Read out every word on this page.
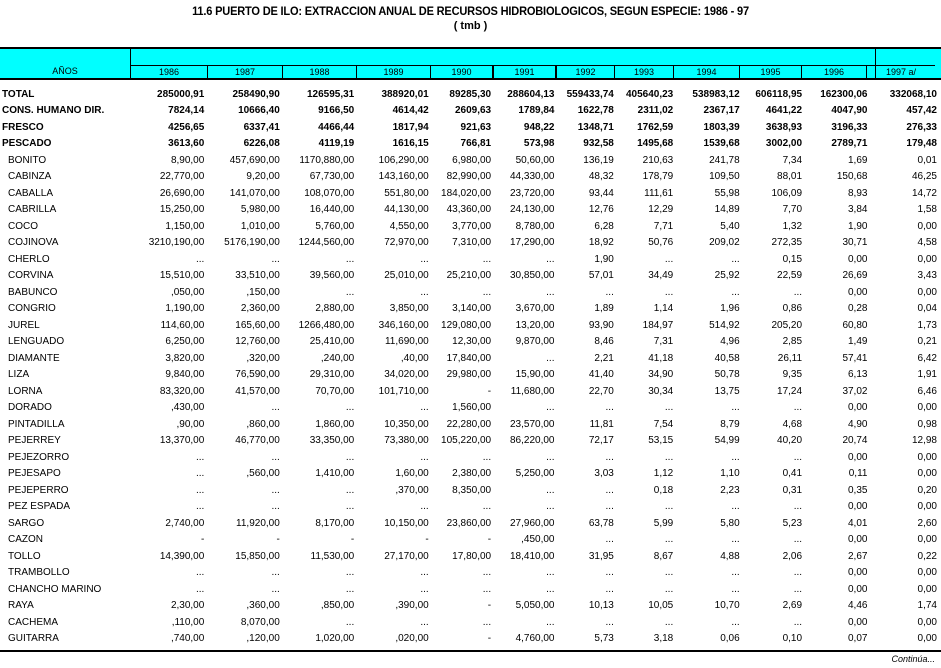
11.6 PUERTO DE ILO: EXTRACCION ANUAL DE RECURSOS HIDROBIOLOGICOS, SEGUN ESPECIE: 1986 - 97
( tmb )
AÑOS	1986	1987	1988	1989	1990	1991	1992	1993	1994	1995	1996	1997 a/
TOTAL	285000,91	258490,90	126595,31	388920,01	89285,30	288604,13	559433,74	405640,23	538983,12	606118,95	162300,06	332068,10
CONS. HUMANO DIR.	7824,14	10666,40	9166,50	4614,42	2609,63	1789,84	1622,78	2311,02	2367,17	4641,22	4047,90	457,42
FRESCO	4256,65	6337,41	4466,44	1817,94	921,63	948,22	1348,71	1762,59	1803,39	3638,93	3196,33	276,33
PESCADO	3613,60	6226,08	4119,19	1616,15	766,81	573,98	932,58	1495,68	1539,68	3002,00	2789,71	179,48
BONITO	8,90,00	457,690,00	1170,880,00	106,290,00	6,980,00	50,60,00	136,19	210,63	241,78	7,34	1,69	0,01
CABINZA	22,770,00	9,20,00	67,730,00	143,160,00	82,990,00	44,330,00	48,32	178,79	109,50	88,01	150,68	46,25
CABALLA	26,690,00	141,070,00	108,070,00	551,80,00	184,020,00	23,720,00	93,44	111,61	55,98	106,09	8,93	14,72
CABRILLA	15,250,00	5,980,00	16,440,00	44,130,00	43,360,00	24,130,00	12,76	12,29	14,89	7,70	3,84	1,58
COCO	1,150,00	1,010,00	5,760,00	4,550,00	3,770,00	8,780,00	6,28	7,71	5,40	1,32	1,90	0,00
COJINOVA	3210,190,00	5176,190,00	1244,560,00	72,970,00	7,310,00	17,290,00	18,92	50,76	209,02	272,35	30,71	4,58
CHERLO	...	...	...	...	...	...	1,90	...	...	0,15	0,00	0,00
CORVINA	15,510,00	33,510,00	39,560,00	25,010,00	25,210,00	30,850,00	57,01	34,49	25,92	22,59	26,69	3,43
BABUNCO	,050,00	,150,00	...	...	...	...	...	...	...	...	0,00	0,00
CONGRIO	1,190,00	2,360,00	2,880,00	3,850,00	3,140,00	3,670,00	1,89	1,14	1,96	0,86	0,28	0,04
JUREL	114,60,00	165,60,00	1266,480,00	346,160,00	129,080,00	13,20,00	93,90	184,97	514,92	205,20	60,80	1,73
LENGUADO	6,250,00	12,760,00	25,410,00	11,690,00	12,30,00	9,870,00	8,46	7,31	4,96	2,85	1,49	0,21
DIAMANTE	3,820,00	,320,00	,240,00	,40,00	17,840,00	...	2,21	41,18	40,58	26,11	57,41	6,42
LIZA	9,840,00	76,590,00	29,310,00	34,020,00	29,980,00	15,90,00	41,40	34,90	50,78	9,35	6,13	1,91
LORNA	83,320,00	41,570,00	70,70,00	101,710,00	-	11,680,00	22,70	30,34	13,75	17,24	37,02	6,46
DORADO	,430,00	...	...	...	1,560,00	...	...	...	...	...	0,00	0,00
PINTADILLA	,90,00	,860,00	1,860,00	10,350,00	22,280,00	23,570,00	11,81	7,54	8,79	4,68	4,90	0,98
PEJERREY	13,370,00	46,770,00	33,350,00	73,380,00	105,220,00	86,220,00	72,17	53,15	54,99	40,20	20,74	12,98
PEJEZORRO	...	...	...	...	...	...	...	...	...	...	0,00	0,00
PEJESAPO	...	,560,00	1,410,00	1,60,00	2,380,00	5,250,00	3,03	1,12	1,10	0,41	0,11	0,00
PEJEPERRO	...	...	...	,370,00	8,350,00	...	...	0,18	2,23	0,31	0,35	0,20
PEZ ESPADA	...	...	...	...	...	...	...	...	...	...	0,00	0,00
SARGO	2,740,00	11,920,00	8,170,00	10,150,00	23,860,00	27,960,00	63,78	5,99	5,80	5,23	4,01	2,60
CAZON	-	-	-	-	-	,450,00	...	...	...	...	0,00	0,00
TOLLO	14,390,00	15,850,00	11,530,00	27,170,00	17,80,00	18,410,00	31,95	8,67	4,88	2,06	2,67	0,22
TRAMBOLLO	...	...	...	...	...	...	...	...	...	...	0,00	0,00
CHANCHO MARINO	...	...	...	...	...	...	...	...	...	...	0,00	0,00
RAYA	2,30,00	,360,00	,850,00	,390,00	-	5,050,00	10,13	10,05	10,70	2,69	4,46	1,74
CACHEMA	,110,00	8,070,00	...	...	...	...	...	...	...	...	0,00	0,00
GUITARRA	,740,00	,120,00	1,020,00	,020,00	-	4,760,00	5,73	3,18	0,06	0,10	0,07	0,00
Continúa...
